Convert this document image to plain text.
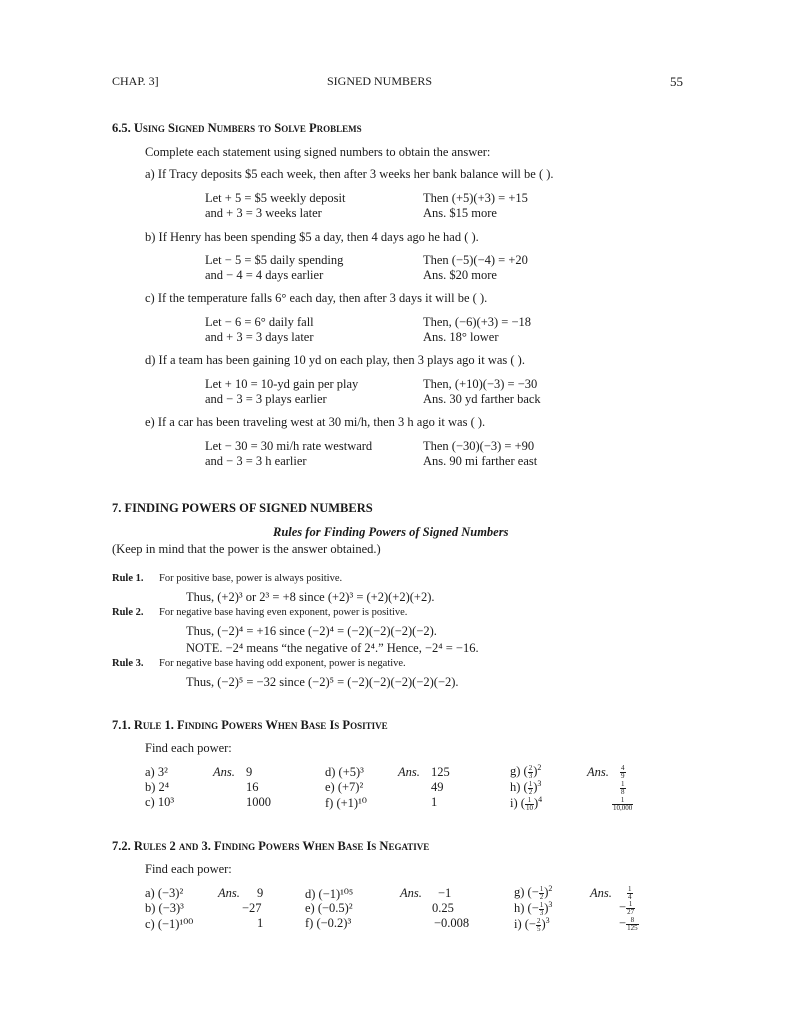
CHAP. 3]	SIGNED NUMBERS	55
6.5. Using Signed Numbers to Solve Problems
Complete each statement using signed numbers to obtain the answer:
a) If Tracy deposits $5 each week, then after 3 weeks her bank balance will be ( ).
Let + 5 = $5 weekly deposit
and + 3 = 3 weeks later
Then (+5)(+3) = +15
Ans. $15 more
b) If Henry has been spending $5 a day, then 4 days ago he had ( ).
Let − 5 = $5 daily spending
and − 4 = 4 days earlier
Then (−5)(−4) = +20
Ans. $20 more
c) If the temperature falls 6° each day, then after 3 days it will be ( ).
Let − 6 = 6° daily fall
and + 3 = 3 days later
Then, (−6)(+3) = −18
Ans. 18° lower
d) If a team has been gaining 10 yd on each play, then 3 plays ago it was ( ).
Let + 10 = 10-yd gain per play
and − 3 = 3 plays earlier
Then, (+10)(−3) = −30
Ans. 30 yd farther back
e) If a car has been traveling west at 30 mi/h, then 3 h ago it was ( ).
Let − 30 = 30 mi/h rate westward
and − 3 = 3 h earlier
Then (−30)(−3) = +90
Ans. 90 mi farther east
7. FINDING POWERS OF SIGNED NUMBERS
Rules for Finding Powers of Signed Numbers
(Keep in mind that the power is the answer obtained.)
Rule 1. For positive base, power is always positive.
Thus, (+2)³ or 2³ = +8 since (+2)³ = (+2)(+2)(+2).
Rule 2. For negative base having even exponent, power is positive.
Thus, (−2)⁴ = +16 since (−2)⁴ = (−2)(−2)(−2)(−2).
NOTE. −2⁴ means “the negative of 2⁴.” Hence, −2⁴ = −16.
Rule 3. For negative base having odd exponent, power is negative.
Thus, (−2)⁵ = −32 since (−2)⁵ = (−2)(−2)(−2)(−2)(−2).
7.1. Rule 1. Finding Powers When Base Is Positive
Find each power:
a) 3²
b) 2⁴
c) 10³
Ans. 9
16
1000
d) (+5)³
e) (+7)²
f) (+1)¹⁰
Ans. 125
49
1
g) ( $\frac{2}{3} )^2$
h) ( $\frac{1}{2} )^3$
i) ( $\frac{1}{10} )^4$
Ans. $\frac{4}{9}$
$\frac{1}{8}$
$\frac{1}{10,000}$
7.2. Rules 2 and 3. Finding Powers When Base Is Negative
Find each power:
a) (−3)²
b) (−3)³
c) (−1)¹⁰⁰
Ans. 9
−27
1
d) (−1)¹⁰⁵
e) (−0.5)²
f) (−0.2)³
Ans. −1
0.25
−0.008
g) (− $\frac{1}{2} )^2$
h) (− $\frac{1}{3} )^3$
i) (− $\frac{2}{5} )^3$
Ans. $\frac{1}{4}$
− $\frac{1}{27}$
− $\frac{8}{125}$
